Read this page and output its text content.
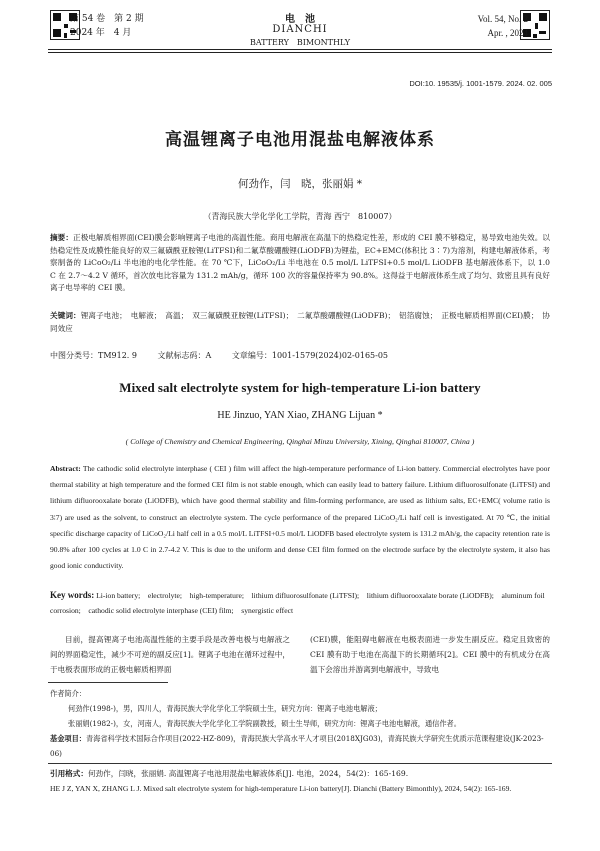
第 54 卷　第 2 期
2024 年　4 月
电　池
DIANCHI
BATTERY　BIMONTHLY
Vol. 54, No. 2
Apr. , 2024
DOI:10. 19535/j. 1001-1579. 2024. 02. 005
高温锂离子电池用混盐电解液体系
何劲作，闫　晓，张丽娟 *
（青海民族大学化学化工学院，青海 西宁　810007）
摘要：正极电解质相界面(CEI)膜会影响锂离子电池的高温性能。商用电解液在高温下的热稳定性差，形成的 CEI 膜不够稳定，易导致电池失效。以热稳定性及成膜性能良好的双三氟磺酰亚胺锂(LiTFSI)和二氟草酸硼酸锂(LiODFB)为锂盐，EC+EMC(体积比 3∶7)为溶剂，构建电解液体系，考察制备的 LiCoO₂/Li 半电池的电化学性能。在 70 ℃下，LiCoO₂/Li 半电池在 0.5 mol/L LiTFSI+0.5 mol/L LiODFB 基电解液体系下，以 1.0 C 在 2.7～4.2 V 循环，首次放电比容量为 131.2 mAh/g，循环 100 次的容量保持率为 90.8%。这得益于电解液体系生成了均匀、致密且具有良好离子电导率的 CEI 膜。
关键词：锂离子电池；　电解液；　高温；　双三氟磺酰亚胺锂(LiTFSI)；　二氟草酸硼酸锂(LiODFB)；　铝箔腐蚀；　正极电解质相界面(CEI)膜；　协同效应
中图分类号：TM912. 9	文献标志码：A	文章编号：1001-1579(2024)02-0165-05
Mixed salt electrolyte system for high-temperature Li-ion battery
HE Jinzuo, YAN Xiao, ZHANG Lijuan *
( College of Chemistry and Chemical Engineering, Qinghai Minzu University, Xining, Qinghai 810007, China )
Abstract: The cathodic solid electrolyte interphase ( CEI ) film will affect the high-temperature performance of Li-ion battery. Commercial electrolytes have poor thermal stability at high temperature and the formed CEI film is not stable enough, which can easily lead to battery failure. Lithium difluorosulfonate (LiTFSI) and lithium difluorooxalate borate (LiODFB), which have good thermal stability and film-forming performance, are used as lithium salts, EC+EMC( volume ratio is 3∶7) are used as the solvent, to construct an electrolyte system. The cycle performance of the prepared LiCoO₂/Li half cell is investigated. At 70 ℃, the initial specific discharge capacity of LiCoO₂/Li half cell in a 0.5 mol/L LiTFSI+0.5 mol/L LiODFB based electrolyte system is 131.2 mAh/g, the capacity retention rate is 90.8% after 100 cycles at 1.0 C in 2.7-4.2 V. This is due to the uniform and dense CEI film formed on the electrode surface by the electrolyte system, it also has good ionic conductivity.
Key words: Li-ion battery;　electrolyte;　high-temperature;　lithium difluorosulfonate (LiTFSI);　lithium difluorooxalate borate (LiODFB);　aluminum foil corrosion;　cathodic solid electrolyte interphase (CEI) film;　synergistic effect
目前，提高锂离子电池高温性能的主要手段是改善电极与电解液之间的界面稳定性，减少不可逆的副反应[1]。锂离子电池在循环过程中，于电极表面形成的正极电解质相界面
(CEI)膜，能阻碍电解液在电极表面进一步发生副反应。稳定且致密的 CEI 膜有助于电池在高温下的长期循环[2]。CEI 膜中的有机成分在高温下会溶出并游离到电解液中，导致电
作者简介：
何劲作(1998-)，男，四川人，青海民族大学化学化工学院硕士生，研究方向：锂离子电池电解液；
张丽娟(1982-)，女，河南人，青海民族大学化学化工学院副教授，硕士生导师，研究方向：锂离子电池电解液，通信作者。
基金项目：青海省科学技术国际合作项目(2022-HZ-809)，青海民族大学高水平人才项目(2018XJG03)，青海民族大学研究生优质示范课程建设(JK-2023-06)
引用格式：何劲作，闫晓，张丽娟. 高温锂离子电池用混盐电解液体系[J]. 电池，2024，54(2)：165-169.
HE J Z, YAN X, ZHANG L J. Mixed salt electrolyte system for high-temperature Li-ion battery[J]. Dianchi (Battery Bimonthly), 2024, 54(2): 165-169.
